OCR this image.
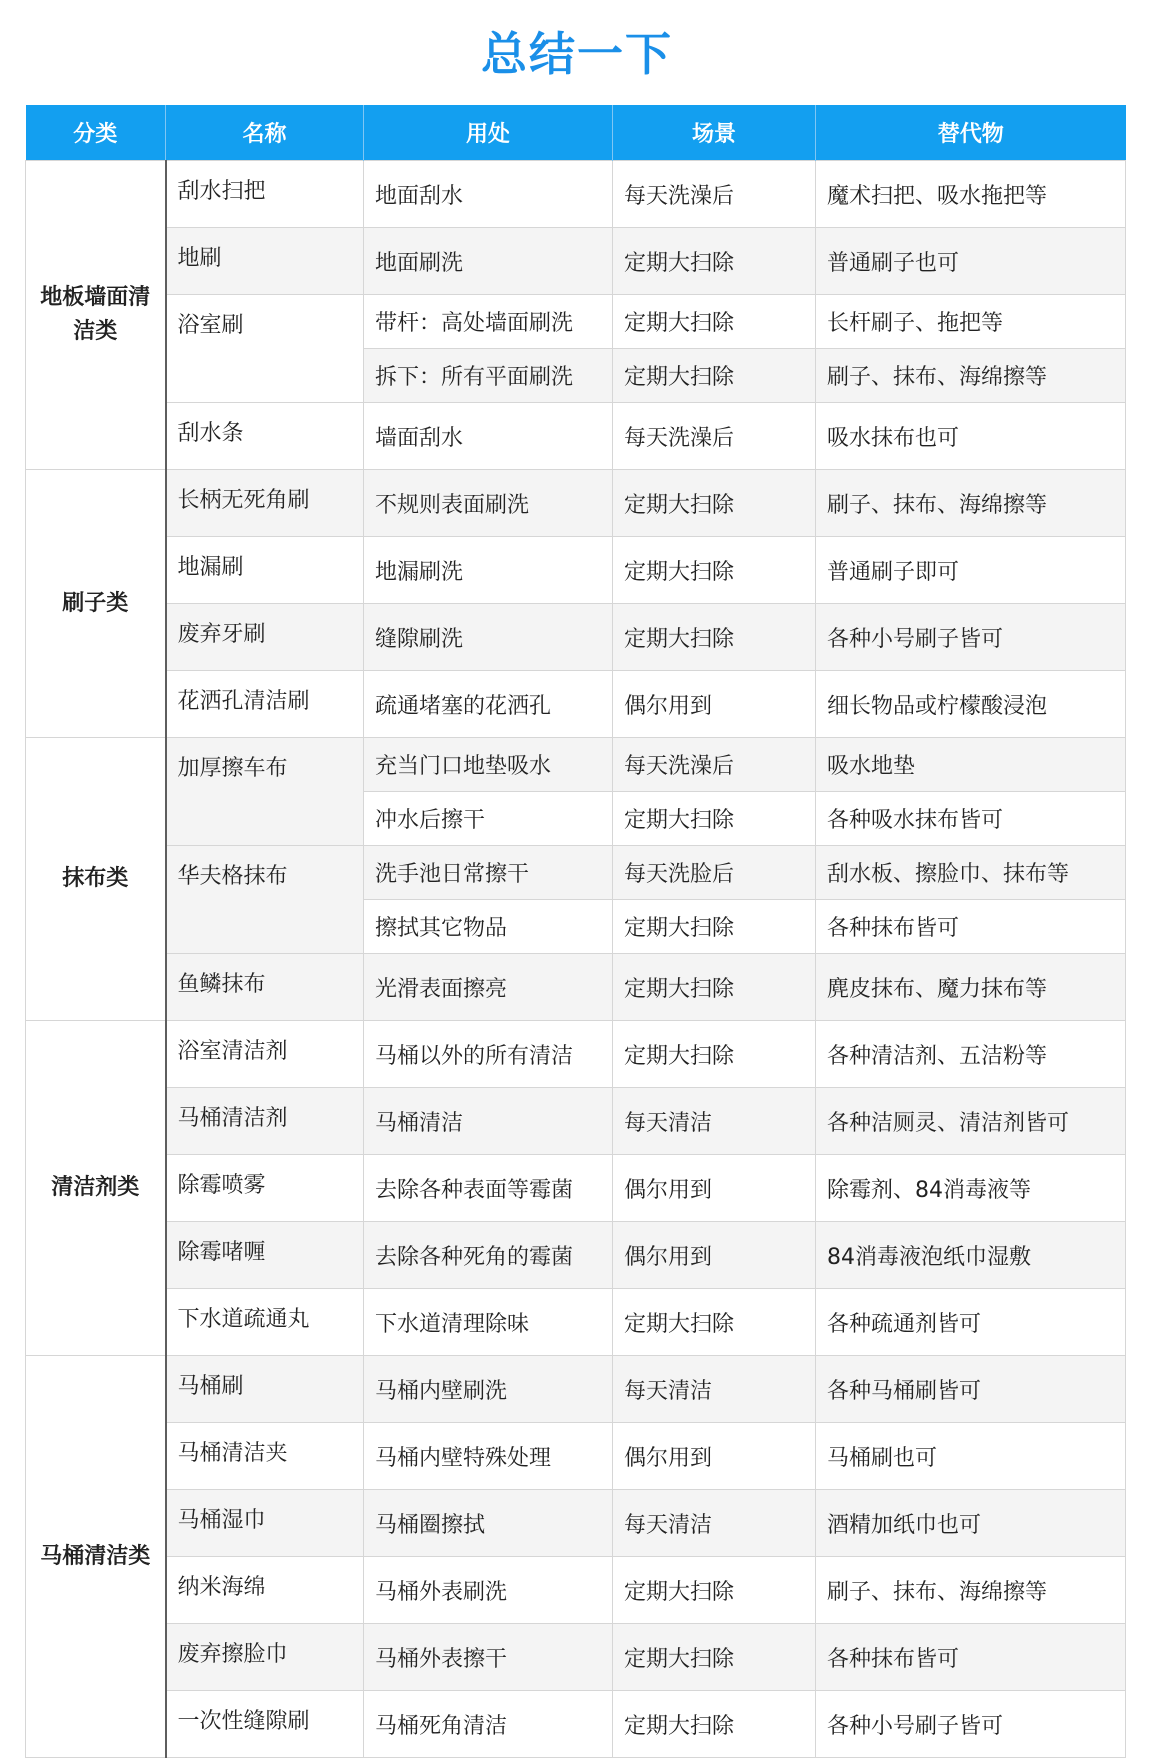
总结一下
分类	名称	用处	场景	替代物
地板墙面清洁类	刮水扫把	地面刮水	每天洗澡后	魔术扫把、吸水拖把等
	地刷	地面刷洗	定期大扫除	普通刷子也可
	浴室刷	带杆：高处墙面刷洗	定期大扫除	长杆刷子、拖把等
		拆下：所有平面刷洗	定期大扫除	刷子、抹布、海绵擦等
	刮水条	墙面刮水	每天洗澡后	吸水抹布也可
刷子类	长柄无死角刷	不规则表面刷洗	定期大扫除	刷子、抹布、海绵擦等
	地漏刷	地漏刷洗	定期大扫除	普通刷子即可
	废弃牙刷	缝隙刷洗	定期大扫除	各种小号刷子皆可
	花洒孔清洁刷	疏通堵塞的花洒孔	偶尔用到	细长物品或柠檬酸浸泡
抹布类	加厚擦车布	充当门口地垫吸水	每天洗澡后	吸水地垫
		冲水后擦干	定期大扫除	各种吸水抹布皆可
	华夫格抹布	洗手池日常擦干	每天洗脸后	刮水板、擦脸巾、抹布等
		擦拭其它物品	定期大扫除	各种抹布皆可
	鱼鳞抹布	光滑表面擦亮	定期大扫除	麂皮抹布、魔力抹布等
清洁剂类	浴室清洁剂	马桶以外的所有清洁	定期大扫除	各种清洁剂、五洁粉等
	马桶清洁剂	马桶清洁	每天清洁	各种洁厕灵、清洁剂皆可
	除霉喷雾	去除各种表面等霉菌	偶尔用到	除霉剂、84消毒液等
	除霉啫喱	去除各种死角的霉菌	偶尔用到	84消毒液泡纸巾湿敷
	下水道疏通丸	下水道清理除味	定期大扫除	各种疏通剂皆可
马桶清洁类	马桶刷	马桶内壁刷洗	每天清洁	各种马桶刷皆可
	马桶清洁夹	马桶内壁特殊处理	偶尔用到	马桶刷也可
	马桶湿巾	马桶圈擦拭	每天清洁	酒精加纸巾也可
	纳米海绵	马桶外表刷洗	定期大扫除	刷子、抹布、海绵擦等
	废弃擦脸巾	马桶外表擦干	定期大扫除	各种抹布皆可
	一次性缝隙刷	马桶死角清洁	定期大扫除	各种小号刷子皆可
